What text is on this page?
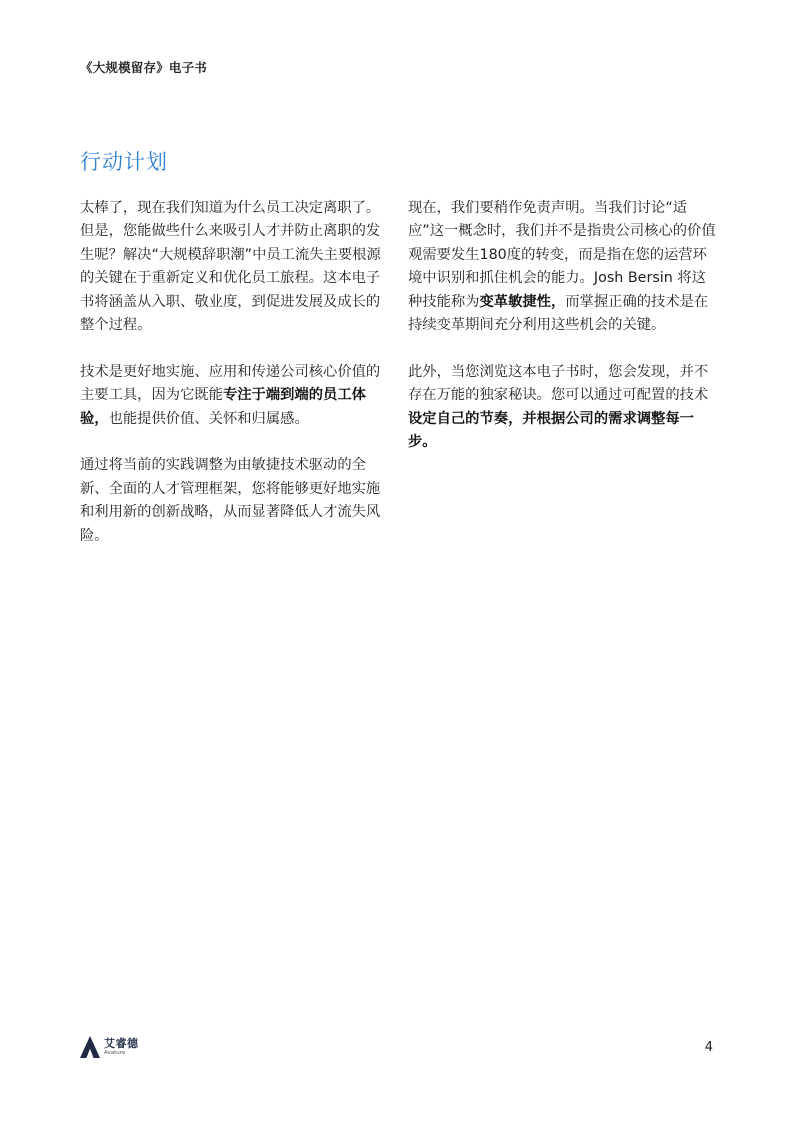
《大规模留存》电子书
行动计划

太棒了，现在我们知道为什么员工决定离职了。但是，您能做些什么来吸引人才并防止离职的发生呢？解决“大规模辞职潮”中员工流失主要根源的关键在于重新定义和优化员工旅程。这本电子书将涵盖从入职、敬业度，到促进发展及成长的整个过程。

技术是更好地实施、应用和传递公司核心价值的主要工具，因为它既能专注于端到端的员工体验，也能提供价值、关怀和归属感。

通过将当前的实践调整为由敏捷技术驱动的全新、全面的人才管理框架，您将能够更好地实施和利用新的创新战略，从而显著降低人才流失风险。

现在，我们要稍作免责声明。当我们讨论“适应”这一概念时，我们并不是指贵公司核心的价值观需要发生180度的转变，而是指在您的运营环境中识别和抓住机会的能力。Josh Bersin 将这种技能称为变革敏捷性，而掌握正确的技术是在持续变革期间充分利用这些机会的关键。

此外，当您浏览这本电子书时，您会发现，并不存在万能的独家秘诀。您可以通过可配置的技术设定自己的节奏，并根据公司的需求调整每一步。

艾睿德
Avature	4
